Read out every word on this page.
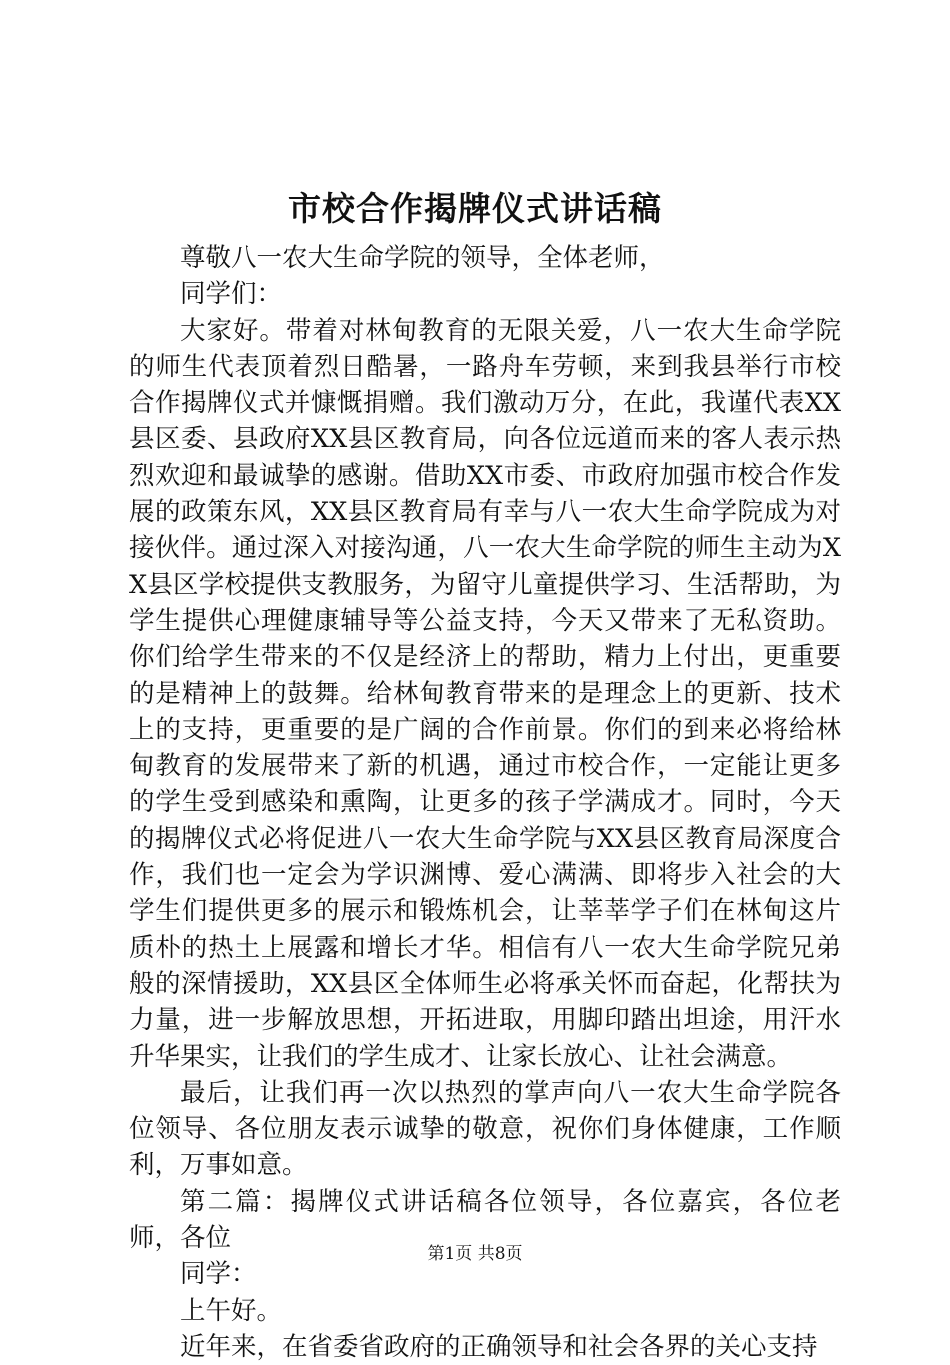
市校合作揭牌仪式讲话稿

尊敬八一农大生命学院的领导，全体老师，

同学们：

大家好。带着对林甸教育的无限关爱，八一农大生命学院的师生代表顶着烈日酷暑，一路舟车劳顿，来到我县举行市校合作揭牌仪式并慷慨捐赠。我们激动万分，在此，我谨代表XX县区委、县政府XX县区教育局，向各位远道而来的客人表示热烈欢迎和最诚挚的感谢。借助XX市委、市政府加强市校合作发展的政策东风，XX县区教育局有幸与八一农大生命学院成为对接伙伴。通过深入对接沟通，八一农大生命学院的师生主动为XX县区学校提供支教服务，为留守儿童提供学习、生活帮助，为学生提供心理健康辅导等公益支持，今天又带来了无私资助。你们给学生带来的不仅是经济上的帮助，精力上付出，更重要的是精神上的鼓舞。给林甸教育带来的是理念上的更新、技术上的支持，更重要的是广阔的合作前景。你们的到来必将给林甸教育的发展带来了新的机遇，通过市校合作，一定能让更多的学生受到感染和熏陶，让更多的孩子学满成才。同时，今天的揭牌仪式必将促进八一农大生命学院与XX县区教育局深度合作，我们也一定会为学识渊博、爱心满满、即将步入社会的大学生们提供更多的展示和锻炼机会，让莘莘学子们在林甸这片质朴的热土上展露和增长才华。相信有八一农大生命学院兄弟般的深情援助，XX县区全体师生必将承关怀而奋起，化帮扶为力量，进一步解放思想，开拓进取，用脚印踏出坦途，用汗水升华果实，让我们的学生成才、让家长放心、让社会满意。

最后，让我们再一次以热烈的掌声向八一农大生命学院各位领导、各位朋友表示诚挚的敬意，祝你们身体健康，工作顺利，万事如意。

第二篇：揭牌仪式讲话稿各位领导，各位嘉宾，各位老师，各位

同学：

上午好。

近年来，在省委省政府的正确领导和社会各界的关心支持

第1页 共8页
